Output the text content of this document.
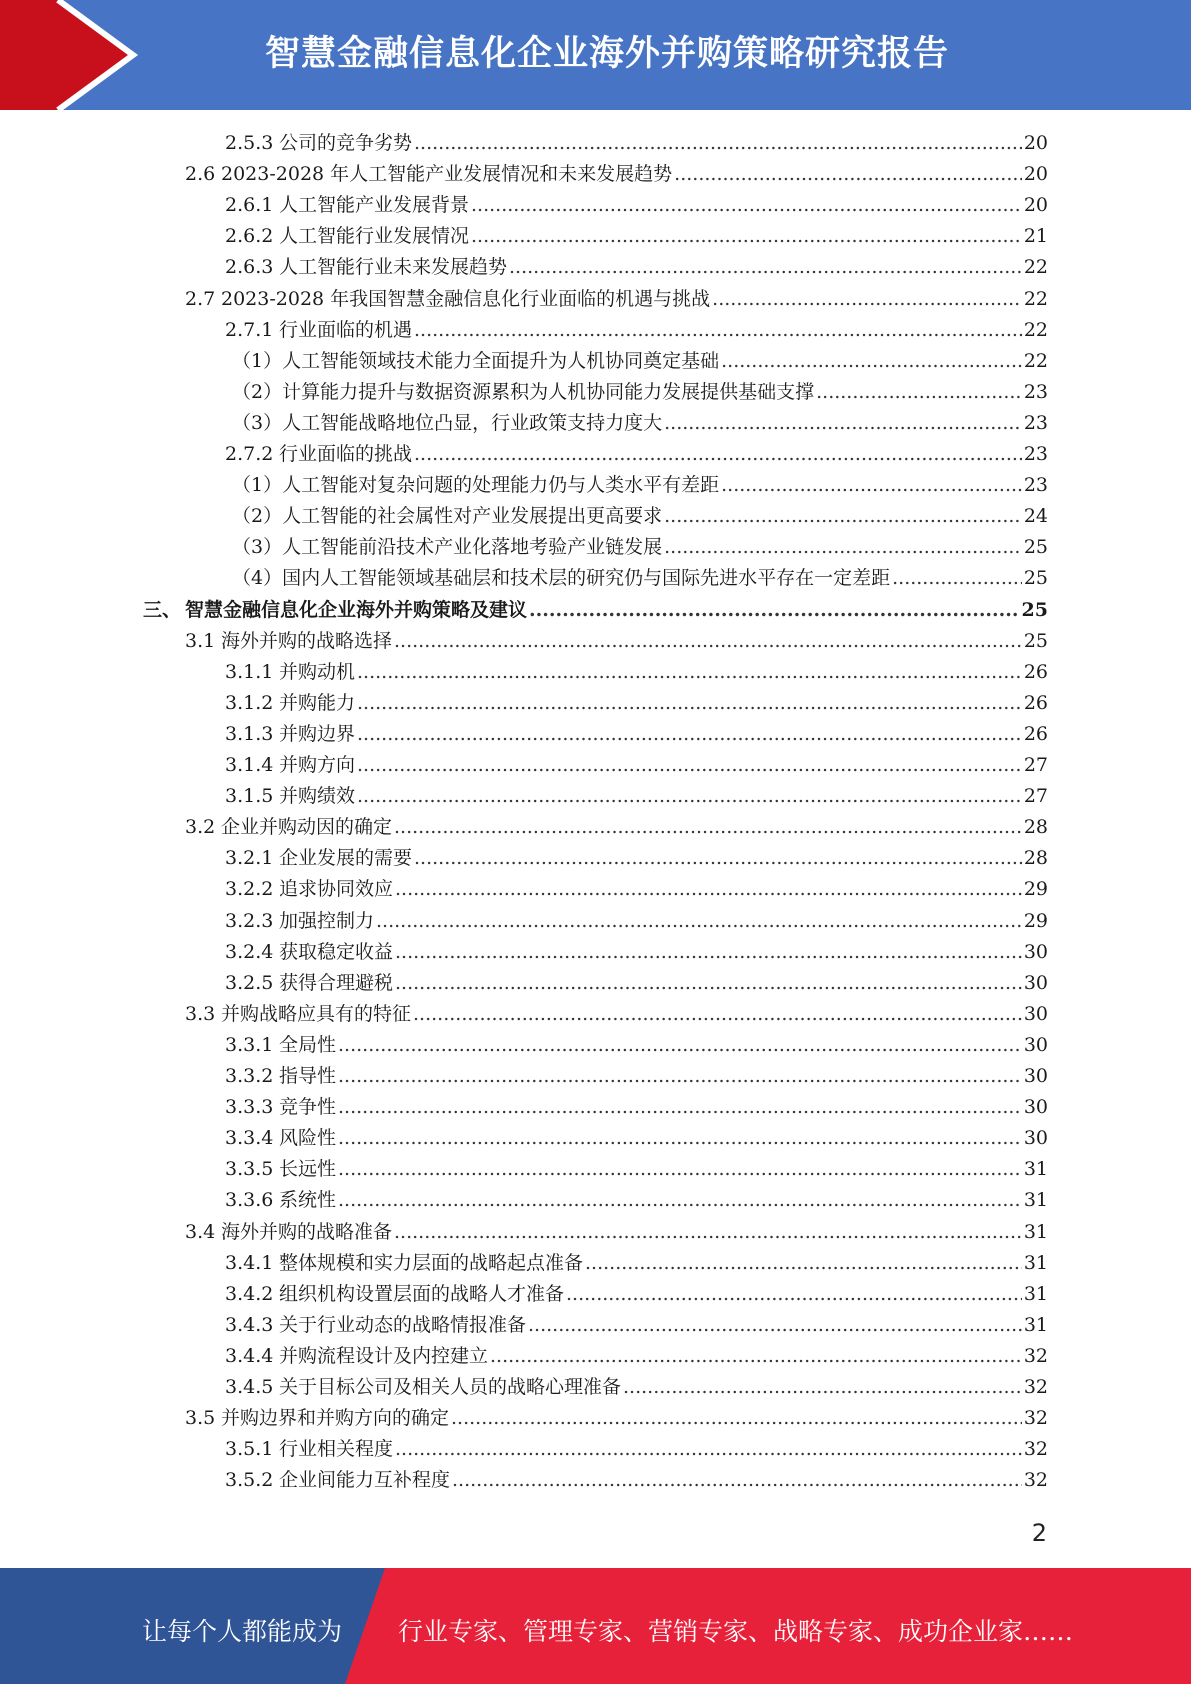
智慧金融信息化企业海外并购策略研究报告
2.5.3 公司的竞争劣势 .....	20
2.6 2023-2028 年人工智能产业发展情况和未来发展趋势 .....	20
2.6.1 人工智能产业发展背景 .....	20
2.6.2 人工智能行业发展情况 .....	21
2.6.3 人工智能行业未来发展趋势 .....	22
2.7 2023-2028 年我国智慧金融信息化行业面临的机遇与挑战 .....	22
2.7.1 行业面临的机遇 .....	22
（1） 人工智能领域技术能力全面提升为人机协同奠定基础 .....	22
（2） 计算能力提升与数据资源累积为人机协同能力发展提供基础支撑 .....	23
（3） 人工智能战略地位凸显，行业政策支持力度大 .....	23
2.7.2 行业面临的挑战 .....	23
（1） 人工智能对复杂问题的处理能力仍与人类水平有差距 .....	23
（2） 人工智能的社会属性对产业发展提出更高要求 .....	24
（3） 人工智能前沿技术产业化落地考验产业链发展 .....	25
（4） 国内人工智能领域基础层和技术层的研究仍与国际先进水平存在一定差距 .....	25
三、 智慧金融信息化企业海外并购策略及建议 .....	25
3.1 海外并购的战略选择 .....	25
3.1.1 并购动机 .....	26
3.1.2 并购能力 .....	26
3.1.3 并购边界 .....	26
3.1.4 并购方向 .....	27
3.1.5 并购绩效 .....	27
3.2 企业并购动因的确定 .....	28
3.2.1 企业发展的需要 .....	28
3.2.2 追求协同效应 .....	29
3.2.3 加强控制力 .....	29
3.2.4 获取稳定收益 .....	30
3.2.5 获得合理避税 .....	30
3.3 并购战略应具有的特征 .....	30
3.3.1 全局性 .....	30
3.3.2 指导性 .....	30
3.3.3 竞争性 .....	30
3.3.4 风险性 .....	30
3.3.5 长远性 .....	31
3.3.6 系统性 .....	31
3.4 海外并购的战略准备 .....	31
3.4.1 整体规模和实力层面的战略起点准备 .....	31
3.4.2 组织机构设置层面的战略人才准备 .....	31
3.4.3 关于行业动态的战略情报准备 .....	31
3.4.4 并购流程设计及内控建立 .....	32
3.4.5 关于目标公司及相关人员的战略心理准备 .....	32
3.5 并购边界和并购方向的确定 .....	32
3.5.1 行业相关程度 .....	32
3.5.2 企业间能力互补程度 .....	32
2
让每个人都能成为 行业专家、管理专家、营销专家、战略专家、成功企业家……
